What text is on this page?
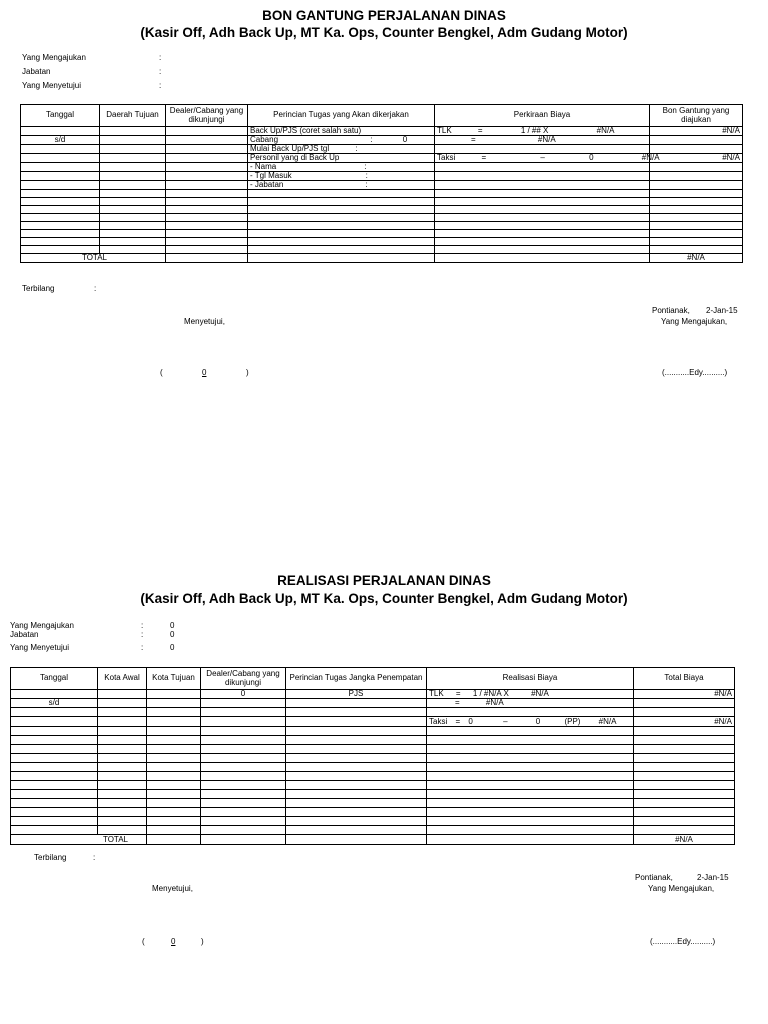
BON GANTUNG PERJALANAN DINAS
(Kasir Off, Adh Back Up, MT Ka. Ops, Counter Bengkel, Adm Gudang Motor)
Yang Mengajukan	:
Jabatan	:
Yang Menyetujui	:
Tanggal	Daerah Tujuan	Dealer/Cabang yang dikunjungi	Perincian Tugas yang Akan dikerjakan	Perkiraan Biaya	Bon Gantung yang diajukan
			Back Up/PJS (coret salah satu)	TLK = 1 / ## X #N/A	#N/A
s/d			Cabang : 0	= #N/A	
			Mulai Back Up/PJS tgl :		
			Personil yang di Back Up	Taksi = – 0 #N/A	#N/A
			- Nama :		
			- Tgl Masuk :		
			- Jabatan :		

TOTAL					#N/A
Terbilang	:
Pontianak, 2-Jan-15
Yang Mengajukan,
Menyetujui,
(	0	)	(...........Edy..........)
REALISASI PERJALANAN DINAS
(Kasir Off, Adh Back Up, MT Ka. Ops, Counter Bengkel, Adm Gudang Motor)
Yang Mengajukan	:	0
Jabatan	:	0
Yang Menyetujui	:	0
Tanggal	Kota Awal	Kota Tujuan	Dealer/Cabang yang dikunjungi	Perincian Tugas Jangka Penempatan	Realisasi Biaya	Total Biaya
			0	PJS	TLK = 1 / #N/A X #N/A	#N/A
s/d					= #N/A	

					Taksi = 0 – 0 (PP) #N/A	#N/A

TOTAL						#N/A
Terbilang	:
Pontianak,	2-Jan-15
Yang Mengajukan,
Menyetujui,
(	0	)	(...........Edy..........)
